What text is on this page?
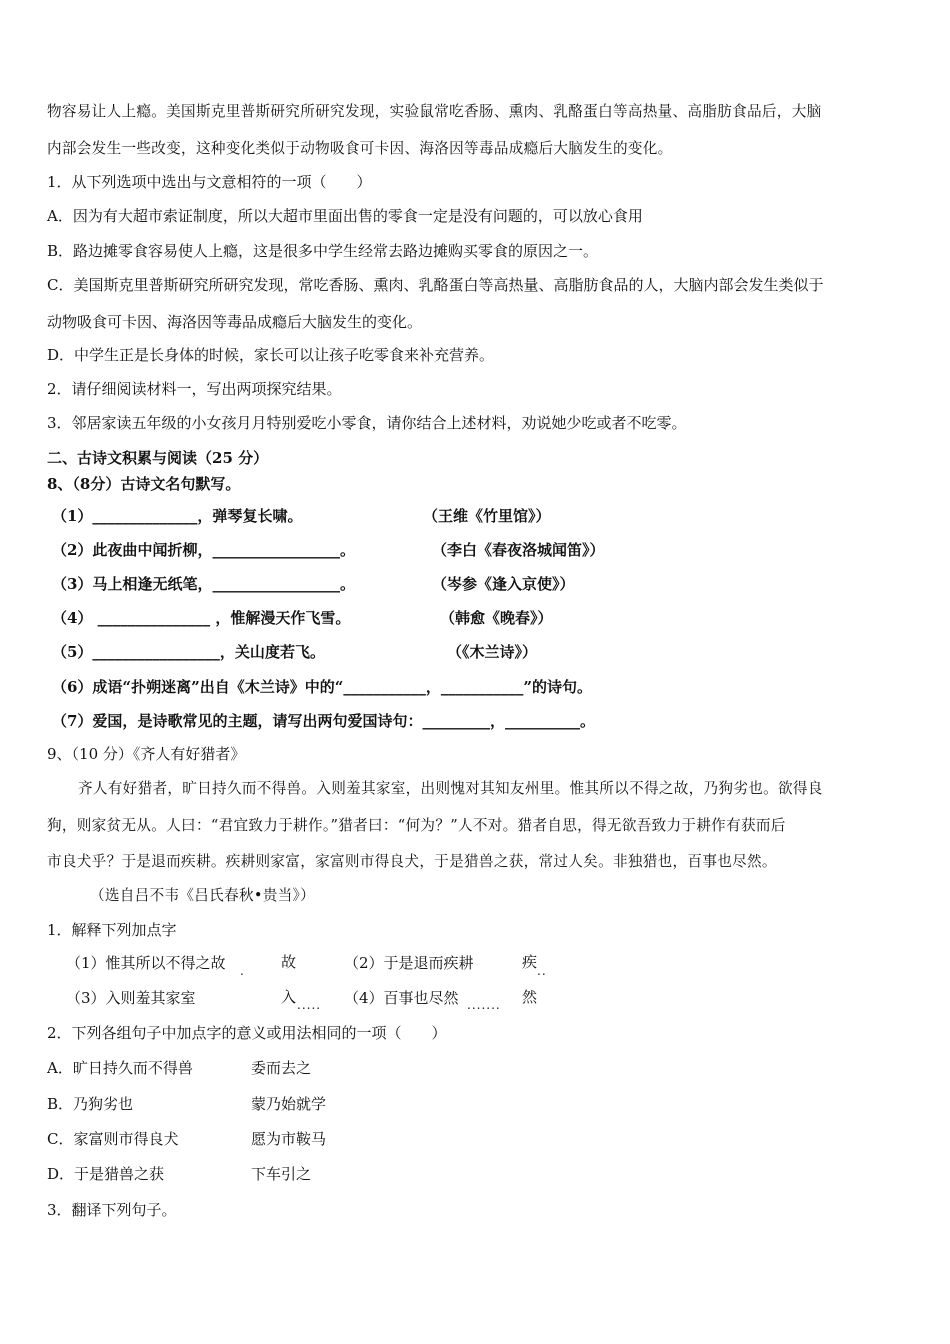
物容易让人上瘾。美国斯克里普斯研究所研究发现，实验鼠常吃香肠、熏肉、乳酪蛋白等高热量、高脂肪食品后，大脑
内部会发生一些改变，这种变化类似于动物吸食可卡因、海洛因等毒品成瘾后大脑发生的变化。
1．从下列选项中选出与文意相符的一项（　　）
A．因为有大超市索证制度，所以大超市里面出售的零食一定是没有问题的，可以放心食用
B．路边摊零食容易使人上瘾，这是很多中学生经常去路边摊购买零食的原因之一。
C．美国斯克里普斯研究所研究发现，常吃香肠、熏肉、乳酪蛋白等高热量、高脂肪食品的人，大脑内部会发生类似于
动物吸食可卡因、海洛因等毒品成瘾后大脑发生的变化。
D．中学生正是长身体的时候，家长可以让孩子吃零食来补充营养。
2．请仔细阅读材料一，写出两项探究结果。
3．邻居家读五年级的小女孩月月特别爱吃小零食，请你结合上述材料，劝说她少吃或者不吃零。
二、古诗文积累与阅读（25 分）
8、（8分）古诗文名句默写。
（1）______________，弹琴复长啸。	（王维《竹里馆》）
（2）此夜曲中闻折柳，_________________。	（李白《春夜洛城闻笛》）
（3）马上相逢无纸笔，_________________。	（岑参《逢入京使》）
（4） _______________ ，惟解漫天作飞雪。	（韩愈《晚春》）
（5）_________________，关山度若飞。	（《木兰诗》）
（6）成语“扑朔迷离”出自《木兰诗》中的“___________，___________”的诗句。
（7）爱国，是诗歌常见的主题，请写出两句爱国诗句：_________，__________。
9、（10 分）《齐人有好猎者》
齐人有好猎者，旷日持久而不得兽。入则羞其家室，出则愧对其知友州里。惟其所以不得之故，乃狗劣也。欲得良
狗，则家贫无从。人曰：“君宜致力于耕作。”猎者曰：“何为？”人不对。猎者自思，得无欲吾致力于耕作有获而后
市良犬乎？于是退而疾耕。疾耕则家富，家富则市得良犬，于是猎兽之获，常过人矣。非独猎也，百事也尽然。
（选自吕不韦《吕氏春秋•贵当》）
1．解释下列加点字
（1）惟其所以不得之故 . 故	（2）于是退而疾耕	疾 ..
（3）入则羞其家室	入 ..... （4）百事也尽然 ....... 然
2．下列各组句子中加点字的意义或用法相同的一项（　　）
A．旷日持久而不得兽	委而去之
B．乃狗劣也	蒙乃始就学
C．家富则市得良犬	愿为市鞍马
D．于是猎兽之获	下车引之
3．翻译下列句子。
